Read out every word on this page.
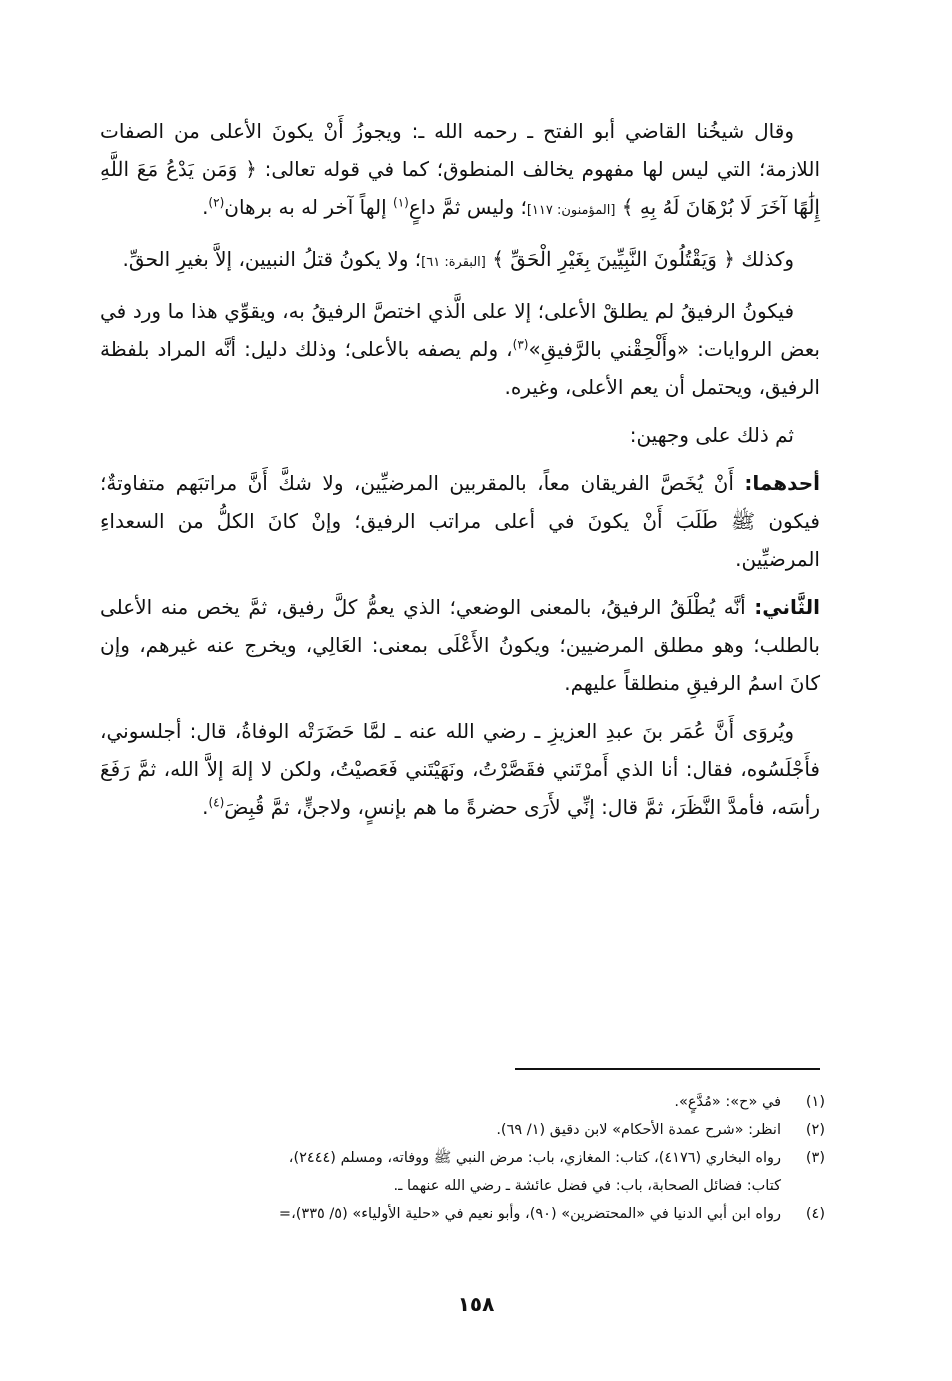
وقال شيخُنا القاضي أبو الفتح ـ رحمه الله ـ: ويجوزُ أَنْ يكونَ الأعلى من الصفات اللازمة؛ التي ليس لها مفهوم يخالف المنطوق؛ كما في قوله تعالى: ﴿ وَمَن يَدْعُ مَعَ اللَّهِ إِلَٰهًا آخَرَ لَا بُرْهَانَ لَهُ بِهِ ﴾ [المؤمنون: ١١٧]؛ وليس ثمَّ داعٍ$^{(١)}$ إلهاً آخر له به برهان$^{(٢)}$.

وكذلك ﴿ وَيَقْتُلُونَ النَّبِيِّينَ بِغَيْرِ الْحَقِّ ﴾ [البقرة: ٦١]؛ ولا يكونُ قتلُ النبيين، إلاَّ بغيرِ الحقِّ.

فيكونُ الرفيقُ لم يطلقْ الأعلى؛ إلا على الَّذي اختصَّ الرفيقُ به، ويقوِّي هذا ما ورد في بعض الروايات: «وأَلْحِقْني بالرَّفيقِ»$^{(٣)}$، ولم يصفه بالأعلى؛ وذلك دليل: أنَّه المراد بلفظة الرفيق، ويحتمل أن يعم الأعلى، وغيره.

ثم ذلك على وجهين:

أحدهما: أَنْ يُخَصَّ الفريقان معاً، بالمقربين المرضيِّين، ولا شكَّ أَنَّ مراتبَهم متفاوتةٌ؛ فيكون ﷺ طَلَبَ أَنْ يكونَ في أعلى مراتب الرفيق؛ وإنْ كانَ الكلُّ من السعداءِ المرضيِّين.

الثَّاني: أنَّه يُطْلَقُ الرفيقُ، بالمعنى الوضعي؛ الذي يعمُّ كلَّ رفيق، ثمَّ يخص منه الأعلى بالطلب؛ وهو مطلق المرضيين؛ ويكونُ الأَعْلَى بمعنى: العَالِي، ويخرج عنه غيرهم، وإن كانَ اسمُ الرفيقِ منطلقاً عليهم.

ويُروَى أَنَّ عُمَر بنَ عبدِ العزيزِ ـ رضي الله عنه ـ لمَّا حَضَرَتْه الوفاةُ، قال: أجلسوني، فأَجْلَسُوه، فقال: أنا الذي أَمرْتَني فقَصَّرْتُ، ونَهَيْتَني فَعَصيْتُ، ولكن لا إلهَ إلاَّ الله، ثمَّ رَفَعَ رأسَه، فأمدَّ النَّظَرَ، ثمَّ قال: إنِّي لأَرَى حضرةً ما هم بإنسٍ، ولاجنٍّ، ثمَّ قُبِضَ$^{(٤)}$.

(١)
في «ح»: «مُدَّعٍ».
(٢)
انظر: «شرح عمدة الأحكام» لابن دقيق (١/ ٦٩).
(٣)
رواه البخاري (٤١٧٦)، كتاب: المغازي، باب: مرض النبي ﷺ ووفاته، ومسلم (٢٤٤٤)،
كتاب: فضائل الصحابة، باب: في فضل عائشة ـ رضي الله عنهما ـ.
(٤)
رواه ابن أبي الدنيا في «المحتضرين» (٩٠)، وأبو نعيم في «حلية الأولياء» (٥/ ٣٣٥)،=
١٥٨
